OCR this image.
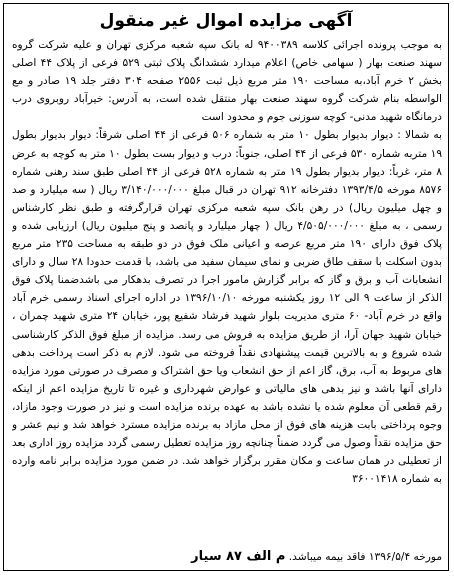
آگهی مزایده اموال غیر منقول

به موجب پرونده اجرائی کلاسه ۹۴۰۰۳۸۹ له بانک سپه شعبه مرکزی تهران و علیه شرکت گروه سهند صنعت بهار ( سهامی خاص) اعلام میدارد ششدانگ پلاک ثبتی ۵۲۹ فرعی از پلاک ۴۴ اصلی بخش ۲ خرم آباد،به مساحت ۱۹۰ متر مربع ذیل ثبت ۲۵۵۶ صفحه ۳۰۴ دفتر جلد ۱۹ صادر و مع الواسطه بنام شرکت گروه سهند صنعت بهار منتقل شده است، به آدرس: خیرآباد روبروی درب درمانگاه شهید مدنی- کوچه سوزنی جوم و محدود است

به شمالا : دیوار بدیوار بطول ۱۰ متر به شماره ۵۰۶ فرعی از ۴۴ اصلی شرقاً: دیوار بدیوار بطول ۱۹ متربه شماره ۵۳۰ فرعی از ۴۴ اصلی، جنوباً: درب و دیوار بست بطول ۱۰ متر به کوچه به عرض ۸ متر، غرباً: دیوار بدیوار بطول ۱۹ متر به شماره ۵۲۸ فرعی از ۴۴ اصلی طبق سند رهنی شماره ۸۵۷۶ مورخه ۱۳۹۳/۴/۵ دفترخانه ۹۱۲ تهران در قبال مبلغ ۳/۱۴۰/۰۰۰/۰۰۰ ریال ( سه میلیارد و صد و چهل میلیون ریال) در رهن بانک سپه شعبه مرکزی تهران قرارگرفته و طبق نظر کارشناس رسمی ، به مبلغ ۴/۵۰۵/۰۰۰/۰۰۰ ریال ( چهار میلیارد و پانصد و پنج میلیون ریال) ارزیابی شده و پلاک فوق دارای ۱۹۰ متر مربع عرصه و اعیانی ملک فوق در دو طبقه به مساحت ۲۳۵ متر مربع بدون اسکلت با سقف طاق ضربی و نمای سیمان سفید می باشد، با قدمت حدودا ۲۸ سال و دارای انشعابات آب و برق و گاز که برابر گزارش مامور اجرا در تصرف بدهکار می باشدضمنا پلاک فوق الذکر از ساعت ۹ الی ۱۲ روز یکشنبه مورخه ۱۳۹۶/۱۰/۱۰ در اداره اجرای اسناد رسمی خرم آباد واقع در خرم آباد- ۶۰ متری مدیریت بلوار شهید فرشاد شفیع پور، خیابان ۲۴ متری شهید چمران ، خیابان شهید جهان آرا، از طریق مزایده به فروش می رسد. مزایده از مبلغ فوق الذکر کارشناسی شده شروع و به بالاترین قیمت پیشنهادی نقداً فروخته می شود. لازم به ذکر است پرداخت بدهی های مربوط به آب، برق، گاز اعم از حق انشعاب ویا حق اشتراک و مصرف در صورتی مورد مزایده دارای آنها باشد و نیز بدهی های مالیاتی و عوارض شهرداری و غیره تا تاریخ مزایده اعم از اینکه رقم قطعی آن معلوم شده یا نشده باشد به عهده برنده مزایده است و نیز در صورت وجود مازاد، وجوه پرداختی بابت هزینه های فوق از محل مازاد به برنده مزایده مسترد خواهد شد و نیم عشر و حق مزایده نقداً وصول می گردد ضمناً چنانچه روز مزایده تعطیل رسمی گردد مزایده روز اداری بعد از تعطیلی در همان ساعت و مکان مقرر برگزار خواهد شد. در ضمن مورد مزایده برابر نامه وارده به شماره ۳۶۰۰۱۴۱۸

مورخه ۱۳۹۶/۵/۴ فاقد بیمه میباشد. م الف ۸۷ سیار
